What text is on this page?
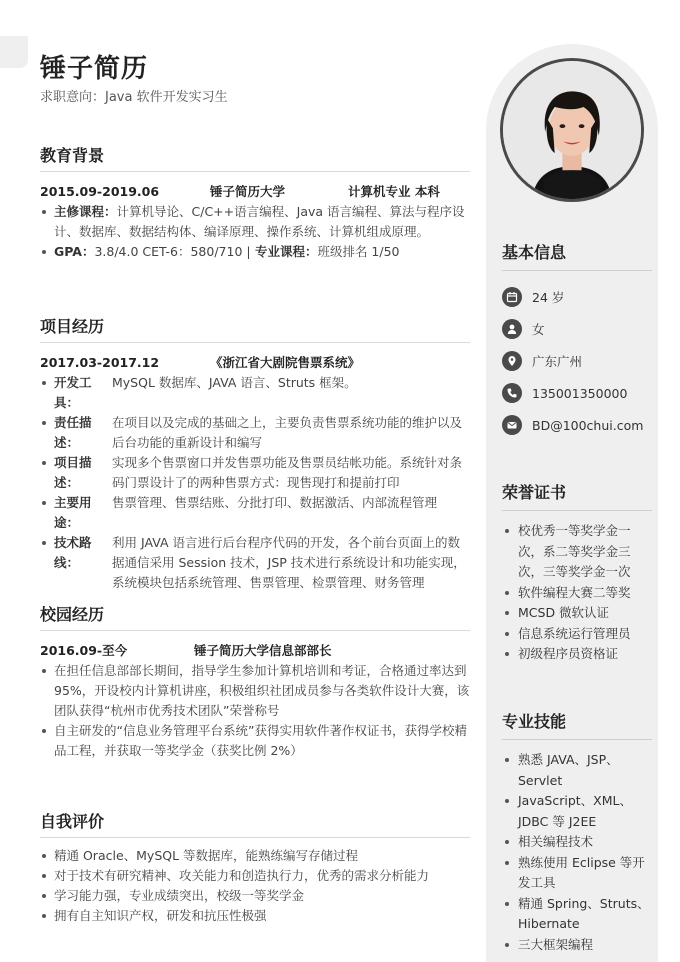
锤子简历
求职意向：Java 软件开发实习生
基本信息
24 岁
女
广东广州
135001350000
BD@100chui.com
荣誉证书
校优秀一等奖学金一次，系二等奖学金三次，三等奖学金一次
软件编程大赛二等奖
MCSD 微软认证
信息系统运行管理员
初级程序员资格证
专业技能
熟悉 JAVA、JSP、Servlet
JavaScript、XML、JDBC 等 J2EE
相关编程技术
熟练使用 Eclipse 等开发工具
精通 Spring、Struts、Hibernate
三大框架编程
教育背景
2015.09-2019.06	锤子简历大学	计算机专业 本科
主修课程：计算机导论、C/C++语言编程、Java 语言编程、算法与程序设计、数据库、数据结构体、编译原理、操作系统、计算机组成原理。
GPA：3.8/4.0 CET-6：580/710 | 专业课程：班级排名 1/50
项目经历
2017.03-2017.12	《浙江省大剧院售票系统》
开发工具：
MySQL 数据库、JAVA 语言、Struts 框架。
责任描述：
在项目以及完成的基础之上，主要负责售票系统功能的维护以及后台功能的重新设计和编写
项目描述：
实现多个售票窗口并发售票功能及售票员结帐功能。系统针对条码门票设计了的两种售票方式：现售现打和提前打印
主要用途：
售票管理、售票结账、分批打印、数据激活、内部流程管理
技术路线：
利用 JAVA 语言进行后台程序代码的开发，各个前台页面上的数据通信采用 Session 技术，JSP 技术进行系统设计和功能实现，系统模块包括系统管理、售票管理、检票管理、财务管理
校园经历
2016.09-至今	锤子简历大学信息部部长
在担任信息部部长期间，指导学生参加计算机培训和考证，合格通过率达到 95%，开设校内计算机讲座，积极组织社团成员参与各类软件设计大赛，该团队获得“杭州市优秀技术团队”荣誉称号
自主研发的“信息业务管理平台系统”获得实用软件著作权证书，获得学校精品工程，并获取一等奖学金（获奖比例 2%）
自我评价
精通 Oracle、MySQL 等数据库，能熟练编写存储过程
对于技术有研究精神、攻关能力和创造执行力，优秀的需求分析能力
学习能力强，专业成绩突出，校级一等奖学金
拥有自主知识产权，研发和抗压性极强
